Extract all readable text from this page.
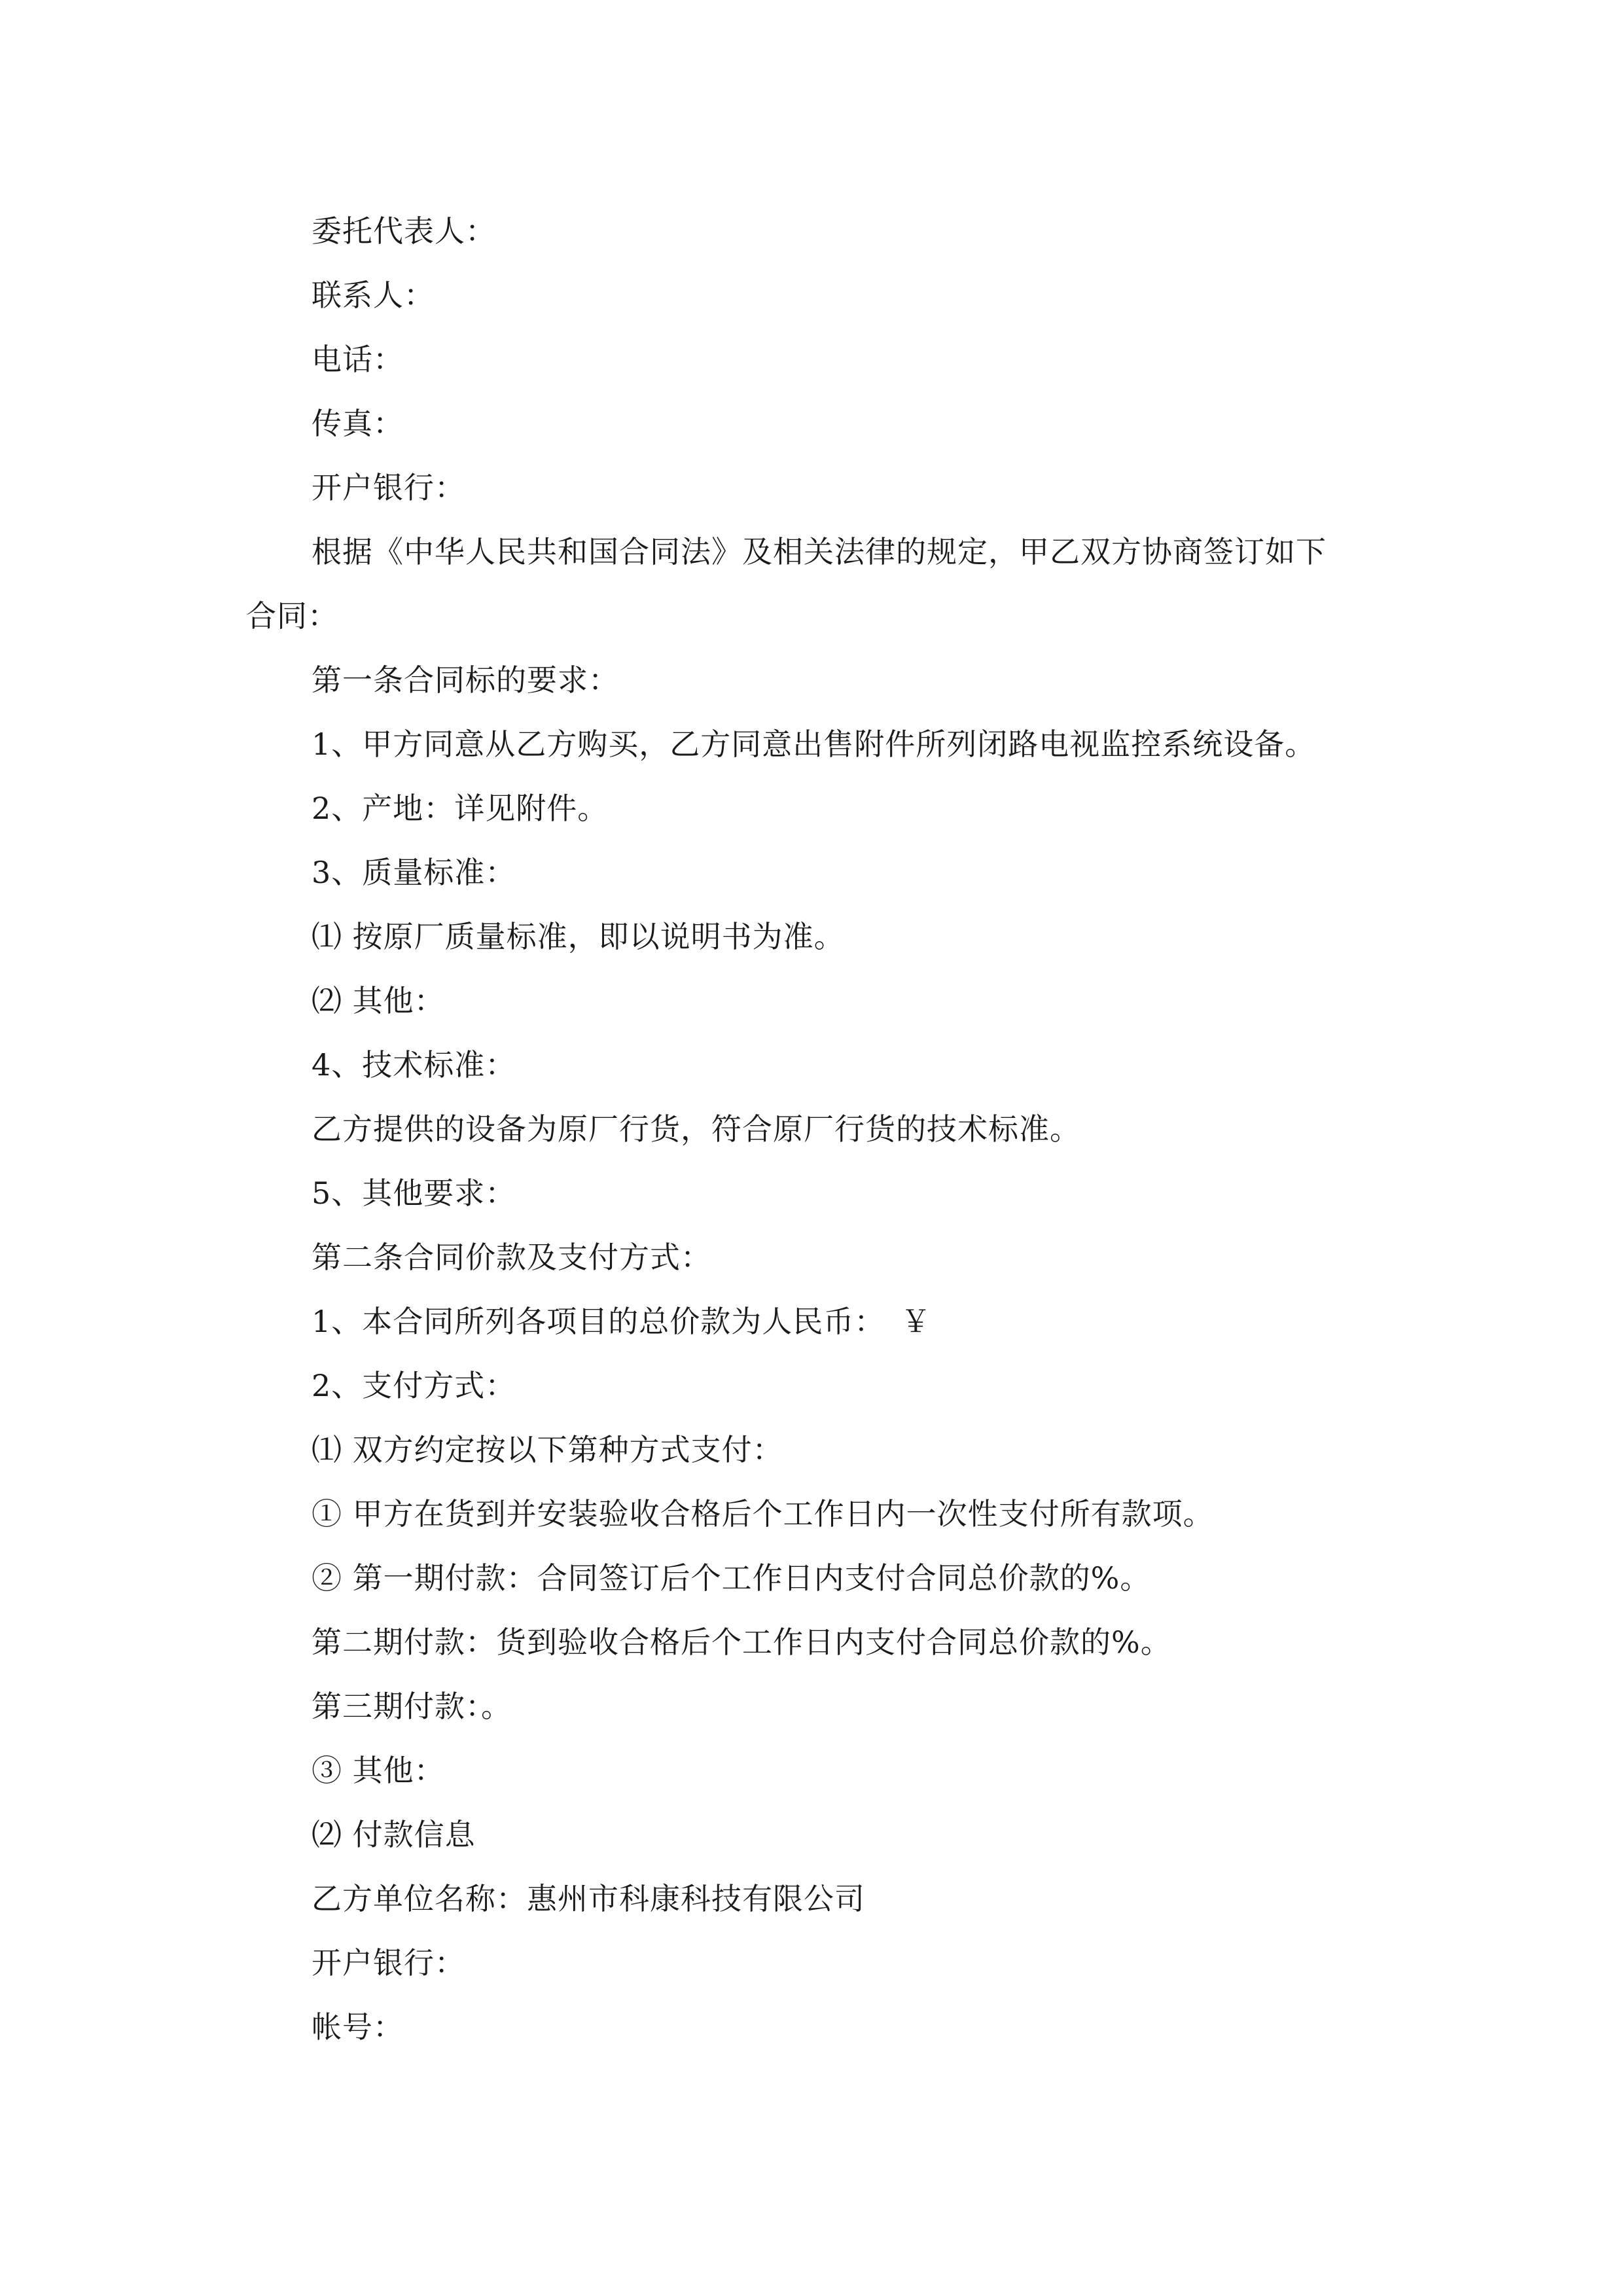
委托代表人：
联系人：
电话：
传真：
开户银行：
根据《中华人民共和国合同法》及相关法律的规定，甲乙双方协商签订如下
合同：
第一条合同标的要求：
1、甲方同意从乙方购买，乙方同意出售附件所列闭路电视监控系统设备。
2、产地：详见附件。
3、质量标准：
⑴ 按原厂质量标准，即以说明书为准。
⑵ 其他：
4、技术标准：
乙方提供的设备为原厂行货，符合原厂行货的技术标准。
5、其他要求：
第二条合同价款及支付方式：
1、本合同所列各项目的总价款为人民币：　￥
2、支付方式：
⑴ 双方约定按以下第种方式支付：
① 甲方在货到并安装验收合格后个工作日内一次性支付所有款项。
② 第一期付款：合同签订后个工作日内支付合同总价款的%。
第二期付款：货到验收合格后个工作日内支付合同总价款的%。
第三期付款：。
③ 其他：
⑵ 付款信息
乙方单位名称：惠州市科康科技有限公司
开户银行：
帐号：
